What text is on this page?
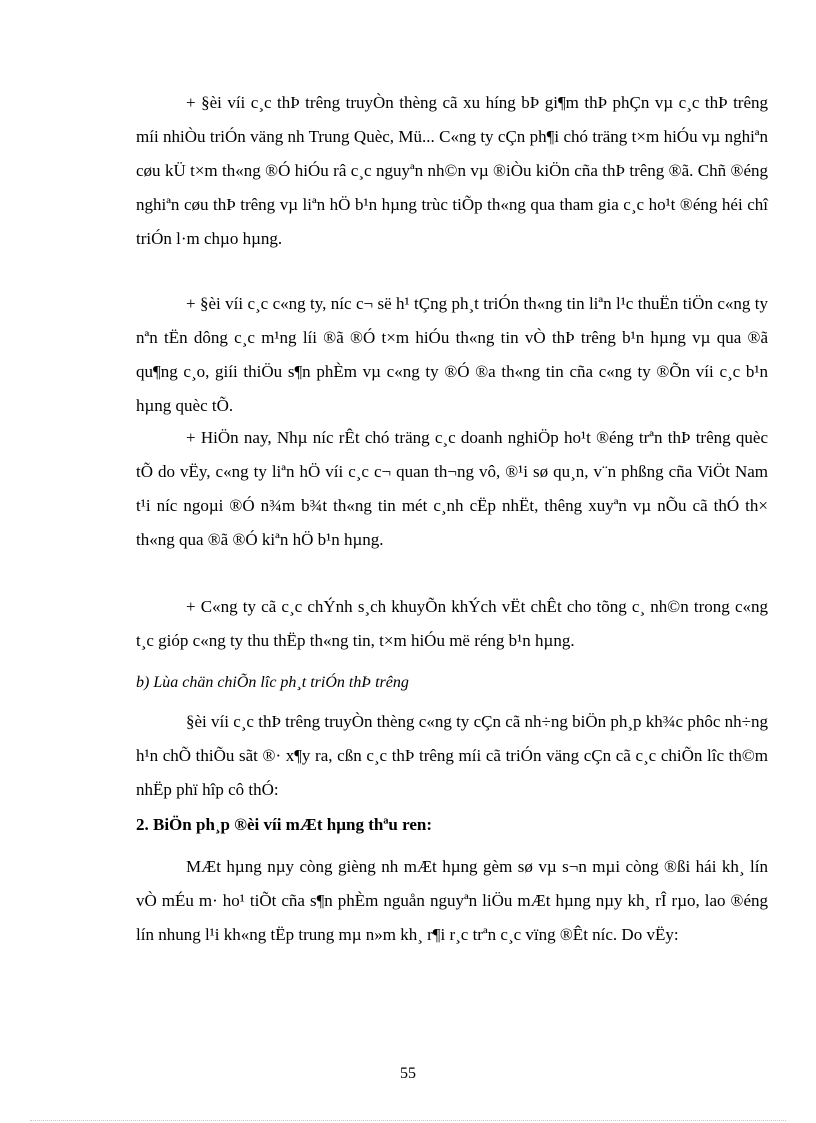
+ §èi víi c¸c thÞ trêng truyÒn thèng cã xu híng bÞ gi¶m thÞ phÇn vµ c¸c thÞ trêng míi nhiÒu triÓn väng nh Trung Quèc, Mü... C«ng ty cÇn ph¶i chó träng t×m hiÓu vµ nghiªn cøu kÜ t×m th«ng ®Ó hiÓu râ c¸c nguyªn nh©n vµ ®iÒu kiÖn cña thÞ trêng ®ã. Chñ ®éng nghiªn cøu thÞ trêng vµ liªn hÖ b¹n hµng trùc tiÕp th«ng qua tham gia c¸c ho¹t ®éng héi chî triÓn l·m chµo hµng.

+ §èi víi c¸c c«ng ty, níc c¬ së h¹ tÇng ph¸t triÓn th«ng tin liªn l¹c thuËn tiÖn c«ng ty nªn tËn dông c¸c m¹ng líi ®ã ®Ó t×m hiÓu th«ng tin vÒ thÞ trêng b¹n hµng vµ qua ®ã qu¶ng c¸o, giíi thiÖu s¶n phÈm vµ c«ng ty ®Ó ®a th«ng tin cña c«ng ty ®Õn víi c¸c b¹n hµng quèc tÕ.

+ HiÖn nay, Nhµ níc rÊt chó träng c¸c doanh nghiÖp ho¹t ®éng trªn thÞ trêng quèc tÕ do vËy, c«ng ty liªn hÖ víi c¸c c¬ quan th¬ng vô, ®¹i sø qu¸n, v¨n phßng cña ViÖt Nam t¹i níc ngoµi ®Ó n¾m b¾t th«ng tin mét c¸nh cËp nhËt, thêng xuyªn vµ nÕu cã thÓ th× th«ng qua ®ã ®Ó kiªn hÖ b¹n hµng.

+ C«ng ty cã c¸c chÝnh s¸ch khuyÕn khÝch vËt chÊt cho tõng c¸ nh©n trong c«ng t¸c gióp c«ng ty thu thËp th«ng tin, t×m hiÓu më réng b¹n hµng.

b) Lùa chän chiÕn lîc ph¸t triÓn thÞ trêng

§èi víi c¸c thÞ trêng truyÒn thèng c«ng ty cÇn cã nh÷ng biÖn ph¸p kh¾c phôc nh÷ng h¹n chÕ thiÕu sãt ®· x¶y ra, cßn c¸c thÞ trêng míi cã triÓn väng cÇn cã c¸c chiÕn lîc th©m nhËp phï hîp cô thÓ:

2. BiÖn ph¸p ®èi víi mÆt hµng thªu ren:

MÆt hµng nµy còng gièng nh mÆt hµng gèm sø vµ s¬n mµi còng ®ßi hái kh¸ lín vÒ mÉu m· ho¹ tiÕt cña s¶n phÈm nguån nguyªn liÖu mÆt hµng nµy kh¸ rÎ rµo, lao ®éng lín nhung l¹i kh«ng tËp trung mµ n»m kh¸ r¶i r¸c trªn c¸c vïng ®Êt níc. Do vËy:

55
